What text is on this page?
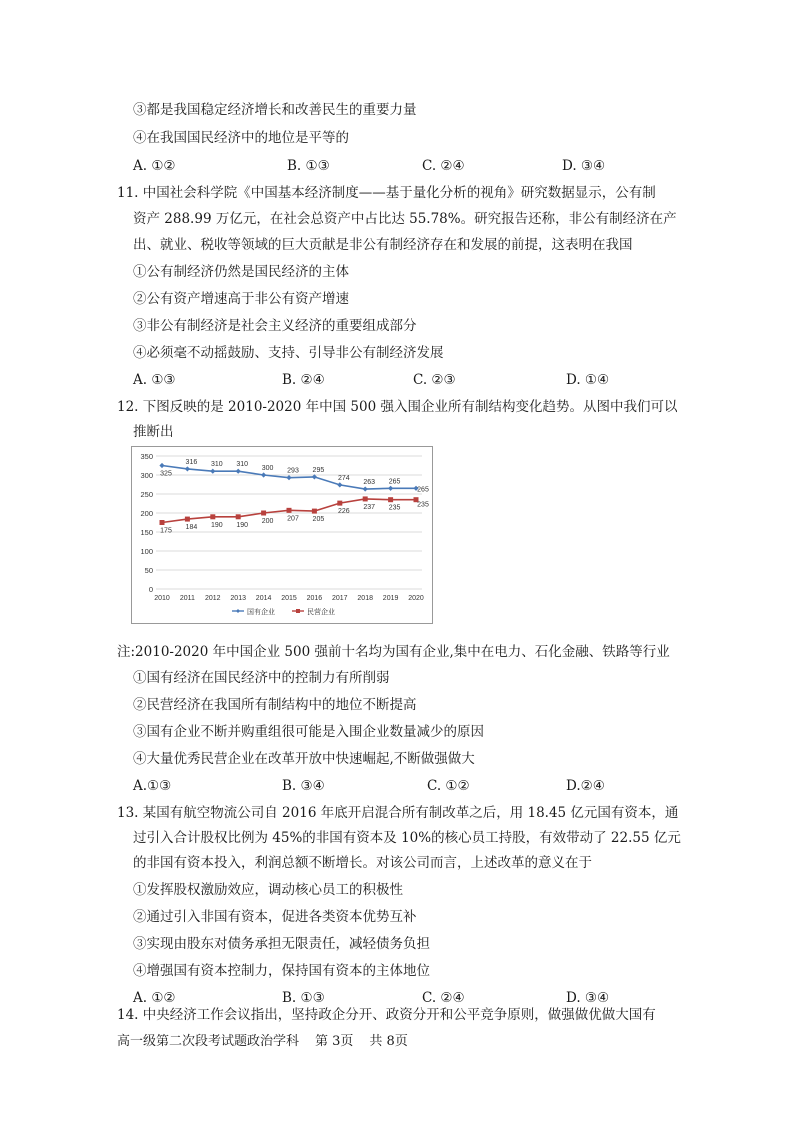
③都是我国稳定经济增长和改善民生的重要力量
④在我国国民经济中的地位是平等的
A. ①②	B. ①③	C. ②④	D. ③④
11. 中国社会科学院《中国基本经济制度——基于量化分析的视角》研究数据显示，公有制
资产 288.99 万亿元，在社会总资产中占比达 55.78%。研究报告还称，非公有制经济在产
出、就业、税收等领域的巨大贡献是非公有制经济存在和发展的前提，这表明在我国
①公有制经济仍然是国民经济的主体
②公有资产增速高于非公有资产增速
③非公有制经济是社会主义经济的重要组成部分
④必须毫不动摇鼓励、支持、引导非公有制经济发展
A. ①③	B. ②④	C. ②③	D. ①④
12. 下图反映的是 2010-2020 年中国 500 强入围企业所有制结构变化趋势。从图中我们可以
推断出
350
300
250
200
150
100
50
0
2010 2011 2012 2013 2014 2015 2016 2017 2018 2019 2020
325
316 310 310
300 293 295
274
263 265
265
175 184 190 190
200 207 205
226
237 235 235
国有企业	民营企业
注:2010-2020 年中国企业 500 强前十名均为国有企业,集中在电力、石化金融、铁路等行业
①国有经济在国民经济中的控制力有所削弱
②民营经济在我国所有制结构中的地位不断提高
③国有企业不断并购重组很可能是入围企业数量减少的原因
④大量优秀民营企业在改革开放中快速崛起,不断做强做大
A.①③	B. ③④	C. ①②	D.②④
13. 某国有航空物流公司自 2016 年底开启混合所有制改革之后，用 18.45 亿元国有资本，通
过引入合计股权比例为 45%的非国有资本及 10%的核心员工持股，有效带动了 22.55 亿元
的非国有资本投入，利润总额不断增长。对该公司而言，上述改革的意义在于
①发挥股权激励效应，调动核心员工的积极性
②通过引入非国有资本，促进各类资本优势互补
③实现由股东对债务承担无限责任，减轻债务负担
④增强国有资本控制力，保持国有资本的主体地位
A. ①②	B. ①③	C. ②④	D. ③④
14. 中央经济工作会议指出，坚持政企分开、政资分开和公平竞争原则，做强做优做大国有
高一级第二次段考试题政治学科 第 3页 共 8页
